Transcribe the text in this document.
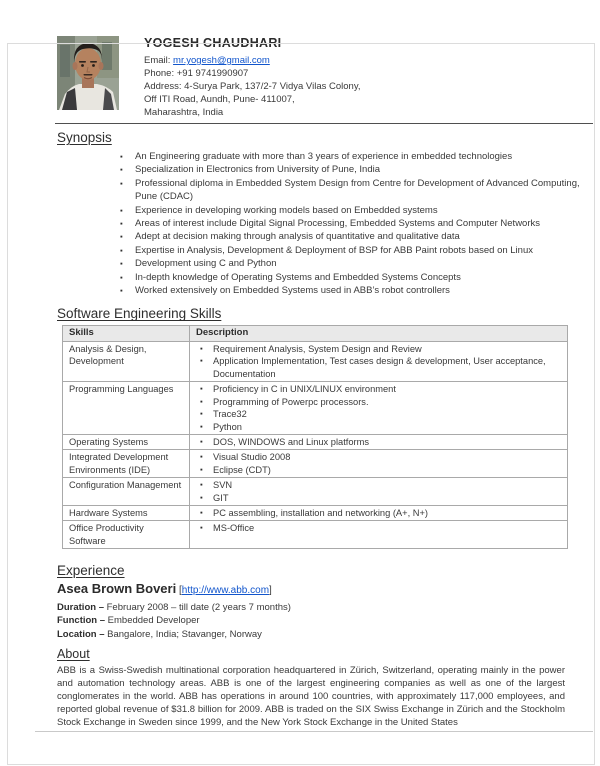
YOGESH CHAUDHARI
Email: mr.yogesh@gmail.com
Phone: +91 9741990907
Address: 4-Surya Park, 137/2-7 Vidya Vilas Colony,
Off ITI Road, Aundh, Pune- 411007,
Maharashtra, India
Synopsis
▪	An Engineering graduate with more than 3 years of experience in embedded technologies
▪	Specialization in Electronics from University of Pune, India
▪	Professional diploma in Embedded System Design from Centre for Development of Advanced Computing, Pune (CDAC)
▪	Experience in developing working models based on Embedded systems
▪	Areas of interest include Digital Signal Processing, Embedded Systems and Computer Networks
▪	Adept at decision making through analysis of quantitative and qualitative data
▪	Expertise in Analysis, Development & Deployment of BSP for ABB Paint robots based on Linux
▪	Development using C and Python
▪	In-depth knowledge of Operating Systems and Embedded Systems Concepts
▪	Worked extensively on Embedded Systems used in ABB’s robot controllers
Software Engineering Skills
Skills	Description
Analysis & Design, Development	▪ Requirement Analysis, System Design and Review
▪ Application Implementation, Test cases design & development, User acceptance, Documentation

Programming Languages	▪	Proficiency in C in UNIX/LINUX environment
▪	Programming of Powerpc processors.
▪	Trace32
▪	Python

Operating Systems	▪ DOS, WINDOWS and Linux platforms

Integrated Development Environments (IDE)	▪ Visual Studio 2008
▪ Eclipse (CDT)

Configuration Management	▪ SVN
▪ GIT

Hardware Systems	▪ PC assembling, installation and networking (A+, N+)

Office Productivity Software	▪ MS-Office
Experience
Asea Brown Boveri [http://www.abb.com]
Duration – February 2008 – till date (2 years 7 months)
Function – Embedded Developer
Location – Bangalore, India; Stavanger, Norway
About

ABB is a Swiss-Swedish multinational corporation headquartered in Zürich, Switzerland, operating mainly in the power and automation technology areas. ABB is one of the largest engineering companies as well as one of the largest conglomerates in the world. ABB has operations in around 100 countries, with approximately 117,000 employees, and reported global revenue of $31.8 billion for 2009. ABB is traded on the SIX Swiss Exchange in Zürich and the Stockholm Stock Exchange in Sweden since 1999, and the New York Stock Exchange in the United States
